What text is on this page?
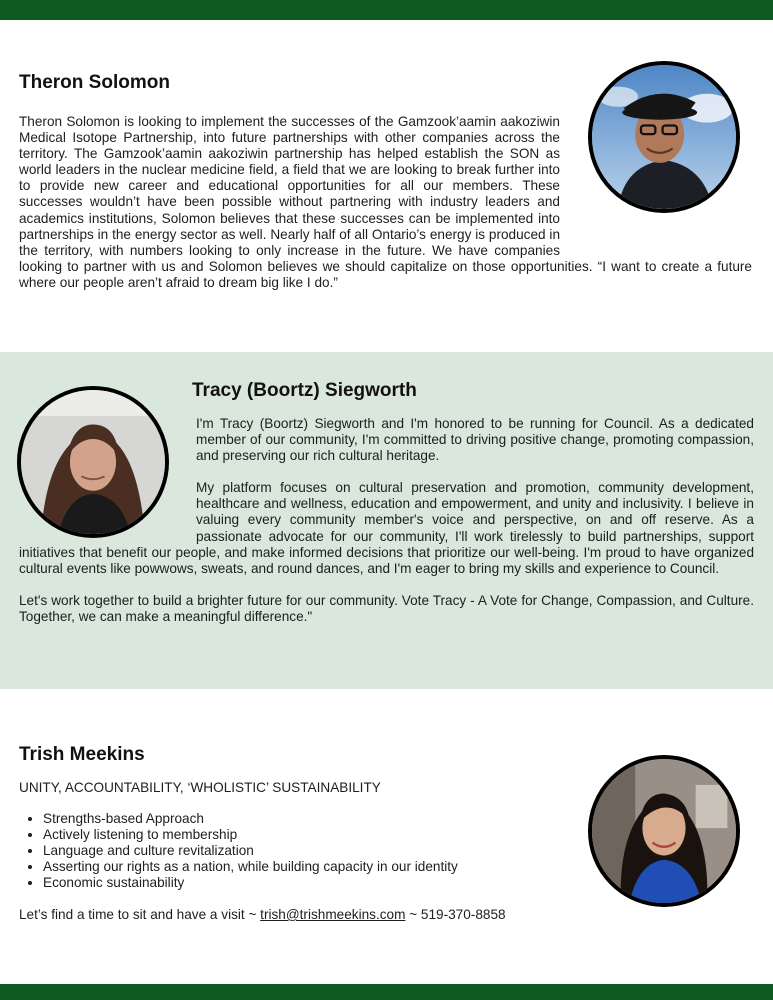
Theron Solomon

Theron Solomon is looking to implement the successes of the Gamzook’aamin aakoziwin Medical Isotope Partnership, into future partnerships with other companies across the territory. The Gamzook’aamin aakoziwin partnership has helped establish the SON as world leaders in the nuclear medicine field, a field that we are looking to break further into to provide new career and educational opportunities for all our members. These successes wouldn’t have been possible without partnering with industry leaders and academics institutions, Solomon believes that these successes can be implemented into partnerships in the energy sector as well. Nearly half of all Ontario’s energy is produced in the territory, with numbers looking to only increase in the future. We have companies looking to partner with us and Solomon believes we should capitalize on those opportunities. “I want to create a future where our people aren’t afraid to dream big like I do.”

Tracy (Boortz) Siegworth

I'm Tracy (Boortz) Siegworth and I'm honored to be running for Council. As a dedicated member of our community, I'm committed to driving positive change, promoting compassion, and preserving our rich cultural heritage.

My platform focuses on cultural preservation and promotion, community development, healthcare and wellness, education and empowerment, and unity and inclusivity. I believe in valuing every community member's voice and perspective, on and off reserve. As a passionate advocate for our community, I'll work tirelessly to build partnerships, support initiatives that benefit our people, and make informed decisions that prioritize our well-being. I'm proud to have organized cultural events like powwows, sweats, and round dances, and I'm eager to bring my skills and experience to Council.

Let's work together to build a brighter future for our community. Vote Tracy - A Vote for Change, Compassion, and Culture. Together, we can make a meaningful difference."

Trish Meekins
UNITY, ACCOUNTABILITY, ‘WHOLISTIC’ SUSTAINABILITY
• Strengths-based Approach
• Actively listening to membership
• Language and culture revitalization
• Asserting our rights as a nation, while building capacity in our identity
• Economic sustainability
Let’s find a time to sit and have a visit ~ trish@trishmeekins.com ~ 519-370-8858
